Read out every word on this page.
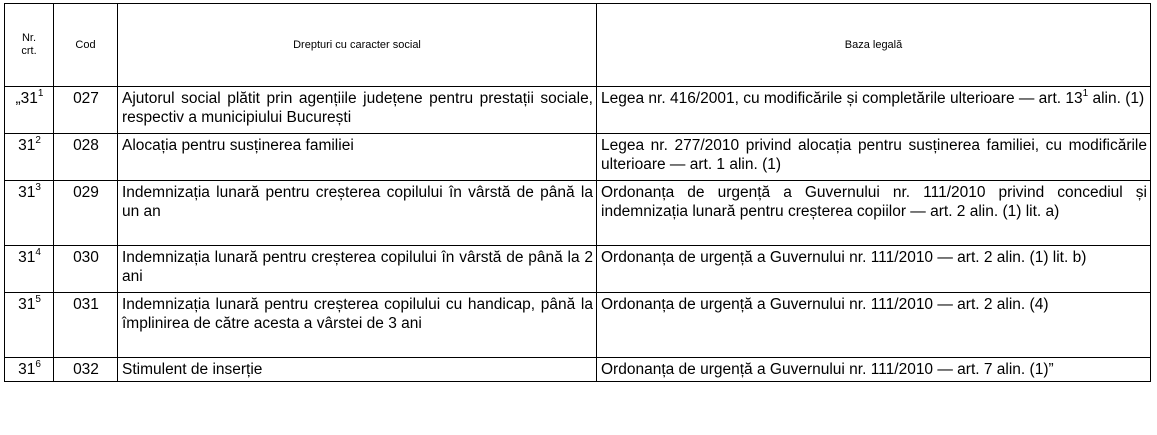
Nr. crt.	Cod	Drepturi cu caracter social	Baza legală
$„31^1$	027	Ajutorul social plătit prin agențiile județene pentru prestații sociale, respectiv a municipiului București	Legea nr. 416/2001, cu modificările și completările ulterioare — art. $13^1$ alin. (1)
$31^2$	028	Alocația pentru susținerea familiei	Legea nr. 277/2010 privind alocația pentru susținerea familiei, cu modificările ulterioare — art. 1 alin. (1)
$31^3$	029	Indemnizația lunară pentru creșterea copilului în vârstă de până la un an	Ordonanța de urgență a Guvernului nr. 111/2010 privind concediul și indemnizația lunară pentru creșterea copiilor — art. 2 alin. (1) lit. a)
$31^4$	030	Indemnizația lunară pentru creșterea copilului în vârstă de până la 2 ani	Ordonanța de urgență a Guvernului nr. 111/2010 — art. 2 alin. (1) lit. b)
$31^5$	031	Indemnizația lunară pentru creșterea copilului cu handicap, până la împlinirea de către acesta a vârstei de 3 ani	Ordonanța de urgență a Guvernului nr. 111/2010 — art. 2 alin. (4)
$31^6$	032	Stimulent de inserție	Ordonanța de urgență a Guvernului nr. 111/2010 — art. 7 alin. (1)”
